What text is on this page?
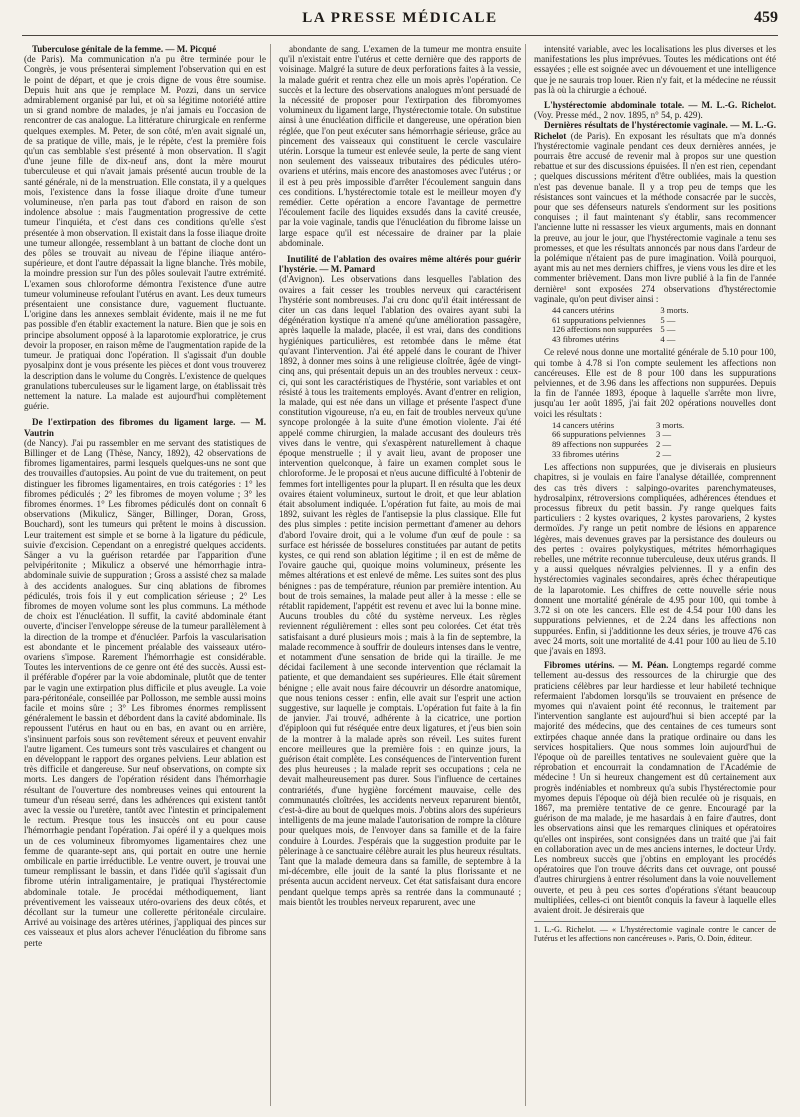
LA PRESSE MÉDICALE	459

Tuberculose génitale de la femme. — M. Picqué
(de Paris). Ma communication n'a pu être terminée pour le Congrès, je vous présenterai simplement l'observation qui en est le point de départ, et que je crois digne de vous être soumise. Depuis huit ans que je remplace M. Pozzi, dans un service admirablement organisé par lui, et où sa légitime notoriété attire un si grand nombre de malades, je n'ai jamais eu l'occasion de rencontrer de cas analogue. La littérature chirurgicale en renferme quelques exemples. M. Peter, de son côté, m'en avait signalé un, de sa pratique de ville, mais, je le répète, c'est la première fois qu'un cas semblable s'est présenté à mon observation. Il s'agit d'une jeune fille de dix-neuf ans, dont la mère mourut tuberculeuse et qui n'avait jamais présenté aucun trouble de la santé générale, ni de la menstruation. Elle constata, il y a quelques mois, l'existence dans la fosse iliaque droite d'une tumeur volumineuse, n'en parla pas tout d'abord en raison de son indolence absolue : mais l'augmentation progressive de cette tumeur l'inquiéta, et c'est dans ces conditions qu'elle s'est présentée à mon observation. Il existait dans la fosse iliaque droite une tumeur allongée, ressemblant à un battant de cloche dont un des pôles se trouvait au niveau de l'épine iliaque antéro-supérieure, et dont l'autre dépassait la ligne blanche. Très mobile, la moindre pression sur l'un des pôles soulevait l'autre extrémité. L'examen sous chloroforme démontra l'existence d'une autre tumeur volumineuse refoulant l'utérus en avant. Les deux tumeurs présentaient une consistance dure, vaguement fluctuante. L'origine dans les annexes semblait évidente, mais il ne me fut pas possible d'en établir exactement la nature. Bien que je sois en principe absolument opposé à la laparotomie exploratrice, je crus devoir la proposer, en raison même de l'augmentation rapide de la tumeur. Je pratiquai donc l'opération. Il s'agissait d'un double pyosalpinx dont je vous présente les pièces et dont vous trouverez la description dans le volume du Congrès. L'existence de quelques granulations tuberculeuses sur le ligament large, on établissait très nettement la nature. La malade est aujourd'hui complètement guérie.

De l'extirpation des fibromes du ligament large. — M. Vautrin
(de Nancy). J'ai pu rassembler en me servant des statistiques de Billinger et de Lang (Thèse, Nancy, 1892), 42 observations de fibromes ligamentaires, parmi lesquels quelques-uns ne sont que des trouvailles d'autopsies. Au point de vue du traitement, on peut distinguer les fibromes ligamentaires, en trois catégories : 1° les fibromes pédiculés ; 2° les fibromes de moyen volume ; 3° les fibromes énormes. 1° Les fibromes pédiculés dont on connaît 6 observations (Mikulicz, Sänger, Billinger, Doran, Gross, Bouchard), sont les tumeurs qui prêtent le moins à discussion. Leur traitement est simple et se borne à la ligature du pédicule, suivie d'excision. Cependant on a enregistré quelques accidents. Sänger a vu la guérison retardée par l'apparition d'une pelvipéritonite ; Mikulicz a observé une hémorrhagie intra-abdominale suivie de suppuration ; Gross a assisté chez sa malade à des accidents analogues. Sur cinq ablations de fibromes pédiculés, trois fois il y eut complication sérieuse ; 2° Les fibromes de moyen volume sont les plus communs. La méthode de choix est l'énucléation. Il suffit, la cavité abdominale étant ouverte, d'inciser l'enveloppe séreuse de la tumeur parallèlement à la direction de la trompe et d'énucléer. Parfois la vascularisation est abondante et le pincement préalable des vaisseaux utéro-ovariens s'impose. Rarement l'hémorrhagie est considérable. Toutes les interventions de ce genre ont été des succès. Aussi est-il préférable d'opérer par la voie abdominale, plutôt que de tenter par le vagin une extirpation plus difficile et plus aveugle. La voie para-péritonéale, conseillée par Pollosson, me semble aussi moins facile et moins sûre ; 3° Les fibromes énormes remplissent généralement le bassin et débordent dans la cavité abdominale. Ils repoussent l'utérus en haut ou en bas, en avant ou en arrière, s'insinuent parfois sous son revêtement séreux et peuvent envahir l'autre ligament. Ces tumeurs sont très vasculaires et changent ou en développant le rapport des organes pelviens. Leur ablation est très difficile et dangereuse. Sur neuf observations, on compte six morts. Les dangers de l'opération résident dans l'hémorrhagie résultant de l'ouverture des nombreuses veines qui entourent la tumeur d'un réseau serré, dans les adhérences qui existent tantôt avec la vessie ou l'uretère, tantôt avec l'intestin et principalement le rectum. Presque tous les insuccès ont eu pour cause l'hémorrhagie pendant l'opération. J'ai opéré il y a quelques mois un de ces volumineux fibromyomes ligamentaires chez une femme de quarante-sept ans, qui portait en outre une hernie ombilicale en partie irréductible. Le ventre ouvert, je trouvai une tumeur remplissant le bassin, et dans l'idée qu'il s'agissait d'un fibrome utérin intraligamentaire, je pratiquai l'hystérectomie abdominale totale. Je procédai méthodiquement, liant préventivement les vaisseaux utéro-ovariens des deux côtés, et décollant sur la tumeur une collerette péritonéale circulaire. Arrivé au voisinage des artères utérines, j'appliquai des pinces sur ces vaisseaux et plus alors achever l'énucléation du fibrome sans perte

abondante de sang. L'examen de la tumeur me montra ensuite qu'il n'existait entre l'utérus et cette dernière que des rapports de voisinage. Malgré la suture de deux perforations faites à la vessie, la malade guérit et rentra chez elle un mois après l'opération. Ce succès et la lecture des observations analogues m'ont persuadé de la nécessité de proposer pour l'extirpation des fibromyomes volumineux du ligament large, l'hystérectomie totale. On substitue ainsi à une énucléation difficile et dangereuse, une opération bien réglée, que l'on peut exécuter sans hémorrhagie sérieuse, grâce au pincement des vaisseaux qui constituent le cercle vasculaire utérin. Lorsque la tumeur est enlevée seule, la perte de sang vient non seulement des vaisseaux tributaires des pédicules utéro-ovariens et utérins, mais encore des anastomoses avec l'utérus ; or il est à peu près impossible d'arrêter l'écoulement sanguin dans ces conditions. L'hystérectomie totale est le meilleur moyen d'y remédier. Cette opération a encore l'avantage de permettre l'écoulement facile des liquides exsudés dans la cavité creusée, par la voie vaginale, tandis que l'énucléation du fibrome laisse un large espace qu'il est nécessaire de drainer par la plaie abdominale.

Inutilité de l'ablation des ovaires même altérés pour guérir l'hystérie. — M. Pamard
(d'Avignon). Les observations dans lesquelles l'ablation des ovaires a fait cesser les troubles nerveux qui caractérisent l'hystérie sont nombreuses. J'ai cru donc qu'il était intéressant de citer un cas dans lequel l'ablation des ovaires ayant subi la dégénération kystique n'a amené qu'une amélioration passagère, après laquelle la malade, placée, il est vrai, dans des conditions hygiéniques particulières, est retombée dans le même état qu'avant l'intervention. J'ai été appelé dans le courant de l'hiver 1892, à donner mes soins à une religieuse cloîtrée, âgée de vingt-cinq ans, qui présentait depuis un an des troubles nerveux : ceux-ci, qui sont les caractéristiques de l'hystérie, sont variables et ont résisté à tous les traitements employés. Avant d'entrer en religion, la malade, qui est née dans un village et présente l'aspect d'une constitution vigoureuse, n'a eu, en fait de troubles nerveux qu'une syncope prolongée à la suite d'une émotion violente. J'ai été appelé comme chirurgien, la malade accusant des douleurs très vives dans le ventre, qui s'exaspèrent naturellement à chaque époque menstruelle ; il y avait lieu, avant de proposer une intervention quelconque, à faire un examen complet sous le chloroforme. Je le proposai et n'eus aucune difficulté à l'obtenir de femmes fort intelligentes pour la plupart. Il en résulta que les deux ovaires étaient volumineux, surtout le droit, et que leur ablation était absolument indiquée. L'opération fut faite, au mois de mai 1892, suivant les règles de l'antisepsie la plus classique. Elle fut des plus simples : petite incision permettant d'amener au dehors d'abord l'ovaire droit, qui a le volume d'un œuf de poule : sa surface est hérissée de bosselures constituées par autant de petits kystes, ce qui rend son ablation légitime ; il en est de même de l'ovaire gauche qui, quoique moins volumineux, présente les mêmes altérations et est enlevé de même. Les suites sont des plus bénignes : pas de température, réunion par première intention. Au bout de trois semaines, la malade peut aller à la messe : elle se rétablit rapidement, l'appétit est revenu et avec lui la bonne mine. Aucuns troubles du côté du système nerveux. Les règles reviennent régulièrement : elles sont peu colorées. Cet état très satisfaisant a duré plusieurs mois ; mais à la fin de septembre, la malade recommence à souffrir de douleurs intenses dans le ventre, et notamment d'une sensation de bride qui la tiraille. Je me décidai facilement à une seconde intervention que réclamait la patiente, et que demandaient ses supérieures. Elle était sûrement bénigne ; elle avait nous faire découvrir un désordre anatomique, que nous tenions cesser : enfin, elle avait sur l'esprit une action suggestive, sur laquelle je comptais. L'opération fut faite à la fin de janvier. J'ai trouvé, adhérente à la cicatrice, une portion d'épiploon qui fut réséquée entre deux ligatures, et j'eus bien soin de la montrer à la malade après son réveil. Les suites furent encore meilleures que la première fois : en quinze jours, la guérison était complète. Les conséquences de l'intervention furent des plus heureuses ; la malade reprit ses occupations ; cela ne devait malheureusement pas durer. Sous l'influence de certaines contrariétés, d'une hygiène forcément mauvaise, celle des communautés cloîtrées, les accidents nerveux reparurent bientôt, c'est-à-dire au bout de quelques mois. J'obtins alors des supérieurs intelligents de ma jeune malade l'autorisation de rompre la clôture pour quelques mois, de l'envoyer dans sa famille et de la faire conduire à Lourdes. J'espérais que la suggestion produite par le pèlerinage à ce sanctuaire célèbre aurait les plus heureux résultats. Tant que la malade demeura dans sa famille, de septembre à la mi-décembre, elle jouit de la santé la plus florissante et ne présenta aucun accident nerveux. Cet état satisfaisant dura encore pendant quelque temps après sa rentrée dans la communauté ; mais bientôt les troubles nerveux reparurent, avec une

intensité variable, avec les localisations les plus diverses et les manifestations les plus imprévues. Toutes les médications ont été essayées ; elle est soignée avec un dévouement et une intelligence que je ne saurais trop louer. Rien n'y fait, et la médecine ne réussit pas là où la chirurgie a échoué.

L'hystérectomie abdominale totale. — M. L.-G. Richelot. (Voy. Presse méd., 2 nov. 1895, n° 54, p. 429).

Dernières résultats de l'hystérectomie vaginale. — M. L.-G. Richelot (de Paris). En exposant les résultats que m'a donnés l'hystérectomie vaginale pendant ces deux dernières années, je pourrais être accusé de revenir mal à propos sur une question rebattue et sur des discussions épuisées. Il n'en est rien, cependant ; quelques discussions méritent d'être oubliées, mais la question n'est pas devenue banale. Il y a trop peu de temps que les résistances sont vaincues et la méthode consacrée par le succès, pour que ses défenseurs naturels s'endorment sur les positions conquises ; il faut maintenant s'y établir, sans recommencer l'ancienne lutte ni ressasser les vieux arguments, mais en donnant la preuve, au jour le jour, que l'hystérectomie vaginale a tenu ses promesses, et que les résultats annoncés par nous dans l'ardeur de la polémique n'étaient pas de pure imagination. Voilà pourquoi, ayant mis au net mes derniers chiffres, je viens vous les dire et les commenter brièvement. Dans mon livre publié à la fin de l'année dernière¹ sont exposées 274 observations d'hystérectomie vaginale, qu'on peut diviser ainsi :

44 cancers utérins	3 morts.
61 suppurations pelviennes	5 —
126 affections non suppurées	5 —
43 fibromes utérins	4 —

Ce relevé nous donne une mortalité générale de 5.10 pour 100, qui tombe à 4.78 si l'on compte seulement les affections non cancéreuses. Elle est de 8 pour 100 dans les suppurations pelviennes, et de 3.96 dans les affections non suppurées. Depuis la fin de l'année 1893, époque à laquelle s'arrête mon livre, jusqu'au 1er août 1895, j'ai fait 202 opérations nouvelles dont voici les résultats :

14 cancers utérins	3 morts.
66 suppurations pelviennes	3 —
89 affections non suppurées	2 —
33 fibromes utérins	2 —

Les affections non suppurées, que je diviserais en plusieurs chapitres, si je voulais en faire l'analyse détaillée, comprennent des cas très divers : salpingo-ovarites parenchymateuses, hydrosalpinx, rétroversions compliquées, adhérences étendues et processus fibreux du petit bassin. J'y range quelques faits particuliers : 2 kystes ovariques, 2 kystes parovariens, 2 kystes dermoïdes. J'y range un petit nombre de lésions en apparence légères, mais devenues graves par la persistance des douleurs ou des pertes : ovaires polykystiques, métrites hémorrhagiques rebelles, une métrite reconnue tuberculeuse, deux utérus grands. Il y a aussi quelques névralgies pelviennes. Il y a enfin des hystérectomies vaginales secondaires, après échec thérapeutique de la laparotomie. Les chiffres de cette nouvelle série nous donnent une mortalité générale de 4.95 pour 100, qui tombe à 3.72 si on ote les cancers. Elle est de 4.54 pour 100 dans les suppurations pelviennes, et de 2.24 dans les affections non suppurées. Enfin, si j'additionne les deux séries, je trouve 476 cas avec 24 morts, soit une mortalité de 4.41 pour 100 au lieu de 5.10 que j'avais en 1893.

Fibromes utérins. — M. Péan. Longtemps regardé comme tellement au-dessus des ressources de la chirurgie que des praticiens célèbres par leur hardiesse et leur habileté technique refermaient l'abdomen lorsqu'ils se trouvaient en présence de myomes qui n'avaient point été reconnus, le traitement par l'intervention sanglante est aujourd'hui si bien accepté par la majorité des médecins, que des centaines de ces tumeurs sont extirpées chaque année dans la pratique ordinaire ou dans les services hospitaliers. Que nous sommes loin aujourd'hui de l'époque où de pareilles tentatives ne soulevaient guère que la réprobation et encourrait la condamnation de l'Académie de médecine ! Un si heureux changement est dû certainement aux progrès indéniables et nombreux qu'a subis l'hystérectomie pour myomes depuis l'époque où déjà bien reculée où je risquais, en 1867, ma première tentative de ce genre. Encouragé par la guérison de ma malade, je me hasardais à en faire d'autres, dont les observations ainsi que les remarques cliniques et opératoires qu'elles ont inspirées, sont consignées dans un traité que j'ai fait en collaboration avec un de mes anciens internes, le docteur Urdy. Les nombreux succès que j'obtins en employant les procédés opératoires que l'on trouve décrits dans cet ouvrage, ont poussé d'autres chirurgiens à entrer résolument dans la voie nouvellement ouverte, et peu à peu ces sortes d'opérations s'étant beaucoup multipliées, celles-ci ont bientôt conquis la faveur à laquelle elles avaient droit. Je désirerais que

1. L.-G. Richelot. — « L'hystérectomie vaginale contre le cancer de l'utérus et les affections non cancéreuses ». Paris, O. Doin, éditeur.
